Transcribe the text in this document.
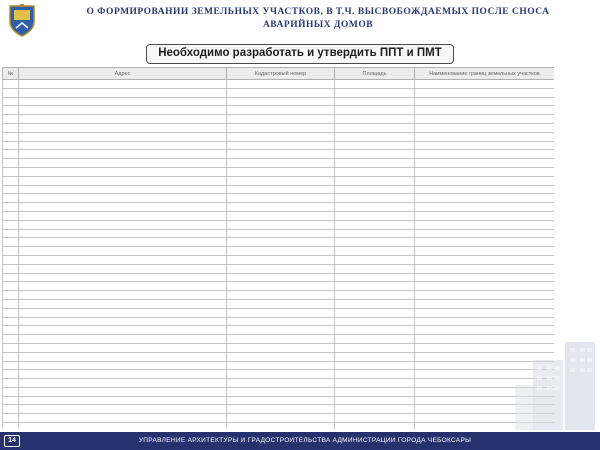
О ФОРМИРОВАНИИ ЗЕМЕЛЬНЫХ УЧАСТКОВ, В Т.Ч. ВЫСВОБОЖДАЕМЫХ ПОСЛЕ СНОСА
АВАРИЙНЫХ ДОМОВ
Необходимо разработать и утвердить ППТ и ПМТ
№	Адрес	Кадастровый номер	Площадь	Наименование границ земельных участков

14	УПРАВЛЕНИЕ АРХИТЕКТУРЫ И ГРАДОСТРОИТЕЛЬСТВА АДМИНИСТРАЦИИ ГОРОДА ЧЕБОКСАРЫ
